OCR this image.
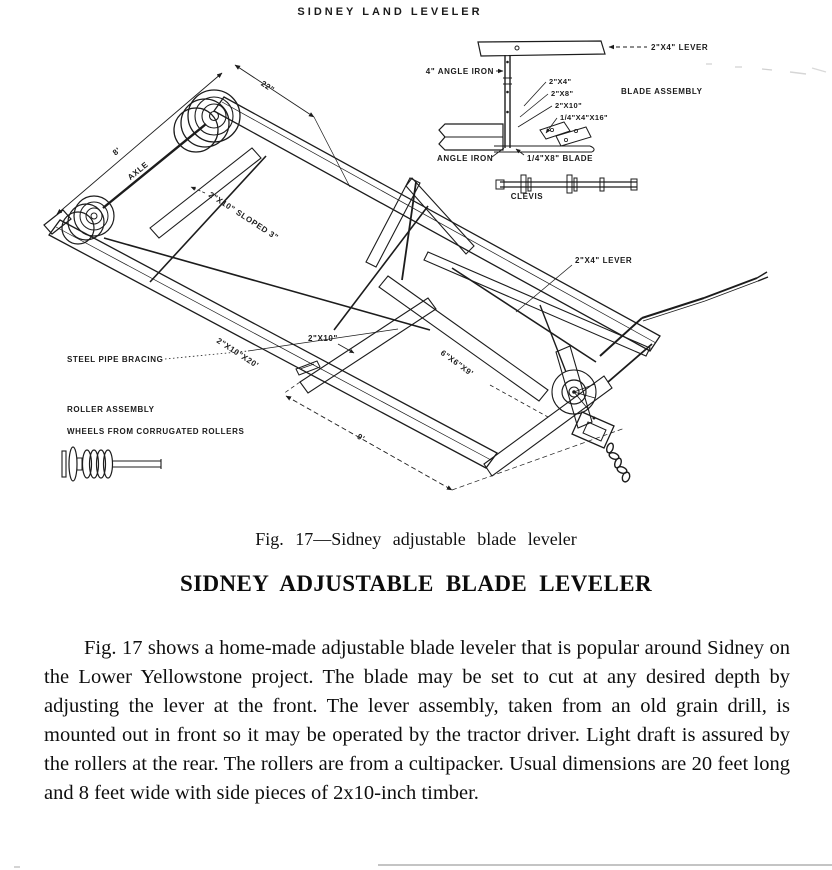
SIDNEY LAND LEVELER
2"X4" LEVER
4" ANGLE IRON
2"X4"
2"X8"
2"X10"
1/4"X4"X16"
BLADE ASSEMBLY
ANGLE IRON	1/4"X8" BLADE
CLEVIS
8'
22"
9'
AXLE
2"X10" SLOPED 3"
2"X10"X20'
STEEL PIPE BRACING
2"X10"
6"X6"X9'
2"X4" LEVER
ROLLER ASSEMBLY
WHEELS FROM CORRUGATED ROLLERS
Fig. 17—Sidney adjustable blade leveler
SIDNEY ADJUSTABLE BLADE LEVELER

Fig. 17 shows a home-made adjustable blade leveler that is popular around Sidney on the Lower Yellowstone project. The blade may be set to cut at any desired depth by adjusting the lever at the front. The lever assembly, taken from an old grain drill, is mounted out in front so it may be operated by the tractor driver. Light draft is assured by the rollers at the rear. The rollers are from a cultipacker. Usual dimensions are 20 feet long and 8 feet wide with side pieces of 2x10-inch timber.
